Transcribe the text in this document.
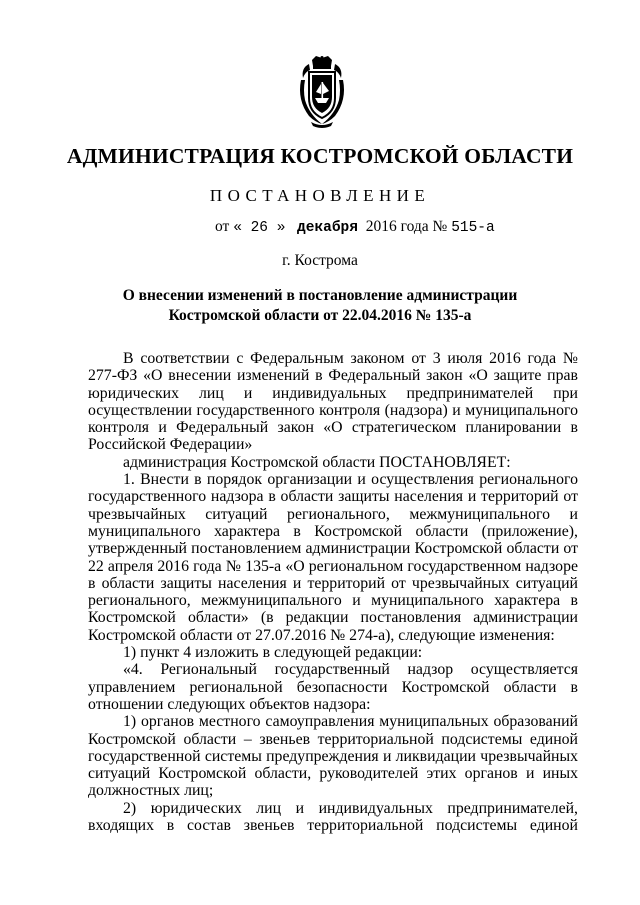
АДМИНИСТРАЦИЯ КОСТРОМСКОЙ ОБЛАСТИ
ПОСТАНОВЛЕНИЕ
от « 26 » декабря 2016 года № 515-а
г. Кострома
О внесении изменений в постановление администрации
Костромской области от 22.04.2016 № 135-а

В соответствии с Федеральным законом от 3 июля 2016 года № 277-ФЗ «О внесении изменений в Федеральный закон «О защите прав юридических лиц и индивидуальных предпринимателей при осуществлении государственного контроля (надзора) и муниципального контроля и Федеральный закон «О стратегическом планировании в Российской Федерации»

администрация Костромской области ПОСТАНОВЛЯЕТ:

1. Внести в порядок организации и осуществления регионального государственного надзора в области защиты населения и территорий от чрезвычайных ситуаций регионального, межмуниципального и муниципального характера в Костромской области (приложение), утвержденный постановлением администрации Костромской области от 22 апреля 2016 года № 135-а «О региональном государственном надзоре в области защиты населения и территорий от чрезвычайных ситуаций регионального, межмуниципального и муниципального характера в Костромской области» (в редакции постановления администрации Костромской области от 27.07.2016 № 274-а), следующие изменения:

1) пункт 4 изложить в следующей редакции:

«4. Региональный государственный надзор осуществляется управлением региональной безопасности Костромской области в отношении следующих объектов надзора:

1) органов местного самоуправления муниципальных образований Костромской области – звеньев территориальной подсистемы единой государственной системы предупреждения и ликвидации чрезвычайных ситуаций Костромской области, руководителей этих органов и иных должностных лиц;

2) юридических лиц и индивидуальных предпринимателей, входящих в состав звеньев территориальной подсистемы единой
